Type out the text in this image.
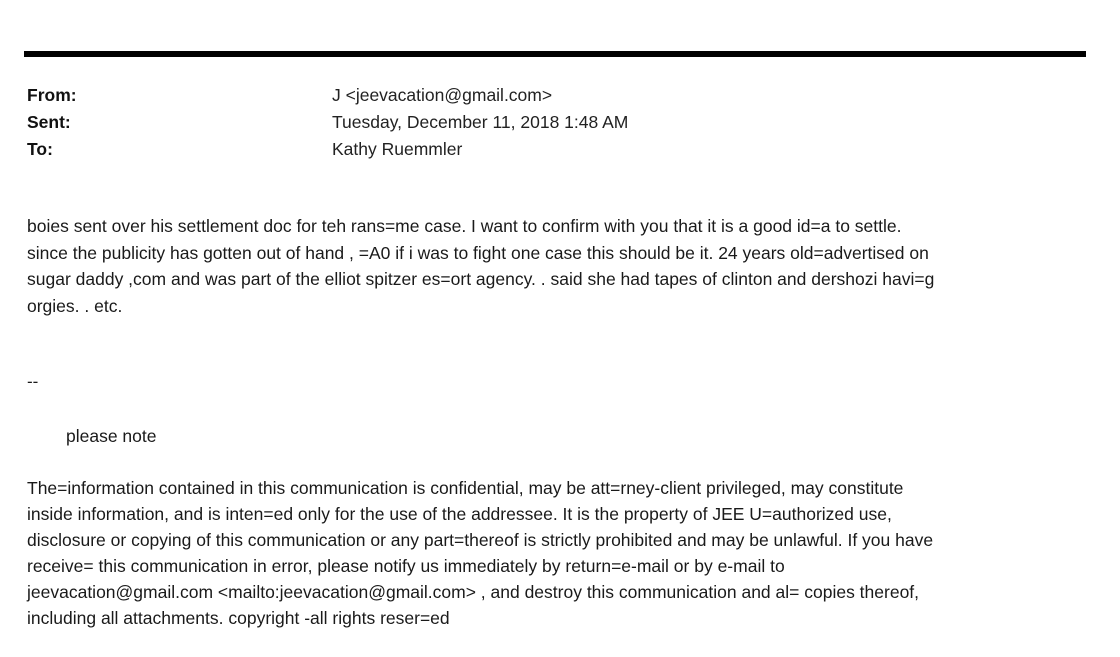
From:	J <jeevacation@gmail.com>
Sent:	Tuesday, December 11, 2018 1:48 AM
To:	Kathy Ruemmler
boies sent over his settlement doc for teh rans=me case. I want to confirm with you that it is a good id=a to settle.
since the publicity has gotten out of hand , =A0 if i was to fight one case this should be it. 24 years old=advertised on
sugar daddy ,com and was part of the elliot spitzer es=ort agency. . said she had tapes of clinton and dershozi havi=g
orgies. . etc.
--
please note
The=information contained in this communication is confidential, may be att=rney-client privileged, may constitute
inside information, and is inten=ed only for the use of the addressee. It is the property of JEE U=authorized use,
disclosure or copying of this communication or any part=thereof is strictly prohibited and may be unlawful. If you have
receive= this communication in error, please notify us immediately by return=e-mail or by e-mail to
jeevacation@gmail.com <mailto:jeevacation@gmail.com> , and destroy this communication and al= copies thereof,
including all attachments. copyright -all rights reser=ed
